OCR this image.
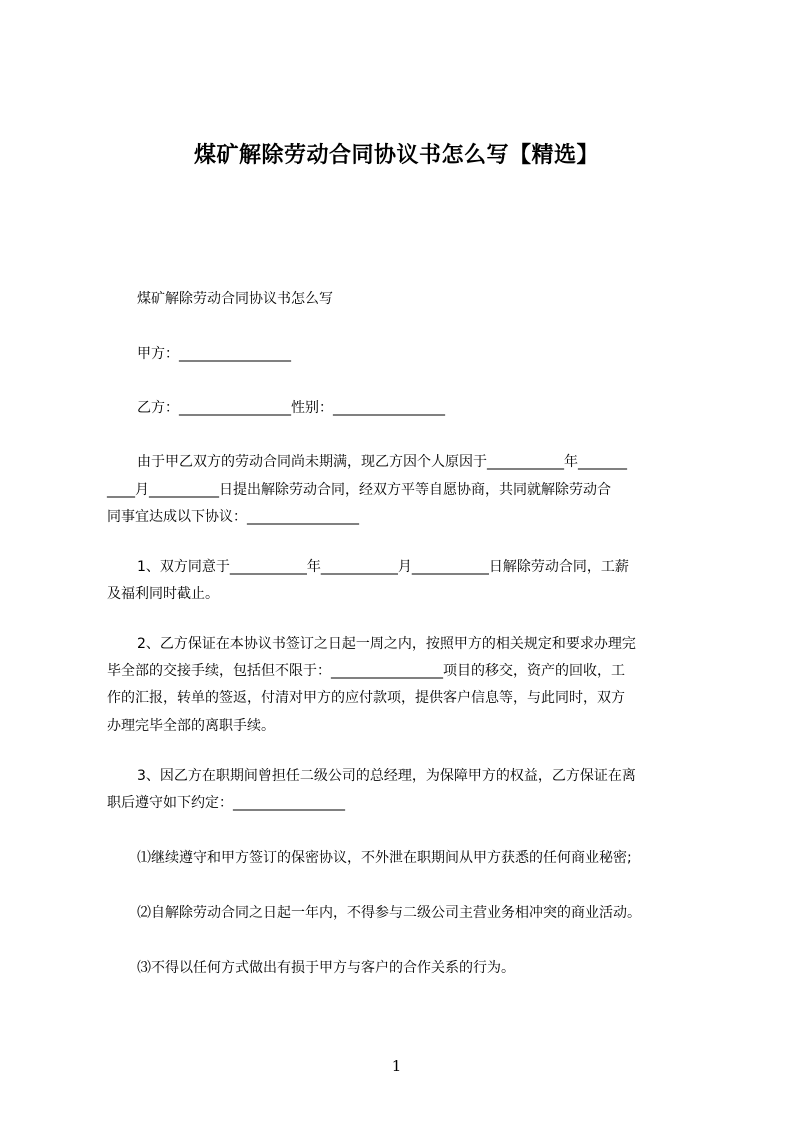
煤矿解除劳动合同协议书怎么写【精选】
煤矿解除劳动合同协议书怎么写
甲方：________________
乙方：________________性别：________________
由于甲乙双方的劳动合同尚未期满，现乙方因个人原因于___________年_______
____月__________日提出解除劳动合同，经双方平等自愿协商，共同就解除劳动合
同事宜达成以下协议：________________
1、双方同意于___________年___________月___________日解除劳动合同，工薪
及福利同时截止。
2、乙方保证在本协议书签订之日起一周之内，按照甲方的相关规定和要求办理完
毕全部的交接手续，包括但不限于：________________项目的移交，资产的回收，工
作的汇报，转单的签返，付清对甲方的应付款项，提供客户信息等，与此同时，双方
办理完毕全部的离职手续。
3、因乙方在职期间曾担任二级公司的总经理，为保障甲方的权益，乙方保证在离
职后遵守如下约定：________________
⑴继续遵守和甲方签订的保密协议，不外泄在职期间从甲方获悉的任何商业秘密;
⑵自解除劳动合同之日起一年内，不得参与二级公司主营业务相冲突的商业活动。
⑶不得以任何方式做出有损于甲方与客户的合作关系的行为。
1
